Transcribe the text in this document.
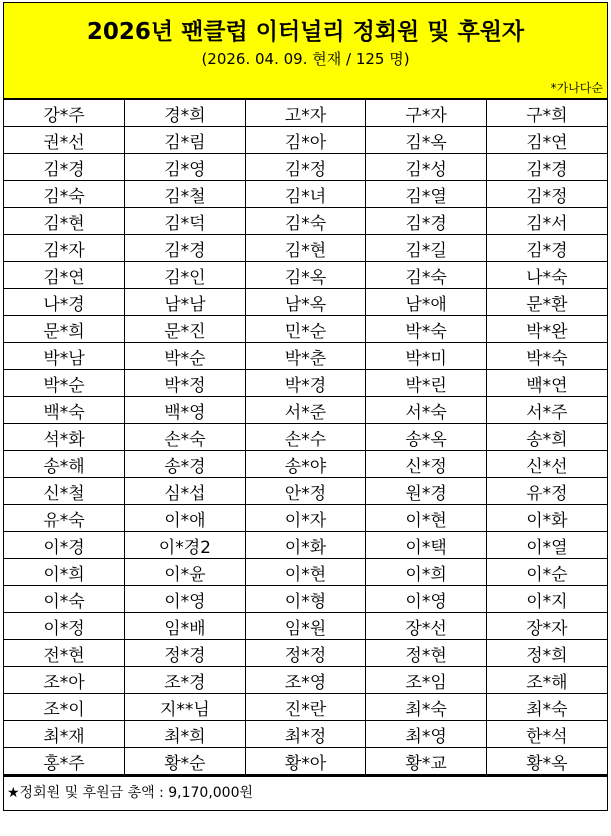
2026년 팬클럽 이터널리 정회원 및 후원자
(2026. 04. 09. 현재 / 125 명)
*가나다순
강*주	경*희	고*자	구*자	구*희
권*선	김*림	김*아	김*옥	김*연
김*경	김*영	김*정	김*성	김*경
김*숙	김*철	김*녀	김*열	김*정
김*현	김*덕	김*숙	김*경	김*서
김*자	김*경	김*현	김*길	김*경
김*연	김*인	김*옥	김*숙	나*숙
나*경	남*남	남*옥	남*애	문*환
문*희	문*진	민*순	박*숙	박*완
박*남	박*순	박*춘	박*미	박*숙
박*순	박*정	박*경	박*린	백*연
백*숙	백*영	서*준	서*숙	서*주
석*화	손*숙	손*수	송*옥	송*희
송*해	송*경	송*야	신*정	신*선
신*철	심*섭	안*정	원*경	유*정
유*숙	이*애	이*자	이*현	이*화
이*경	이*경2	이*화	이*택	이*열
이*희	이*윤	이*현	이*희	이*순
이*숙	이*영	이*형	이*영	이*지
이*정	임*배	임*원	장*선	장*자
전*현	정*경	정*정	정*현	정*희
조*아	조*경	조*영	조*임	조*해
조*이	지**님	진*란	최*숙	최*숙
최*재	최*희	최*정	최*영	한*석
홍*주	황*순	황*아	황*교	황*옥
★정회원 및 후원금 총액 : 9,170,000원
